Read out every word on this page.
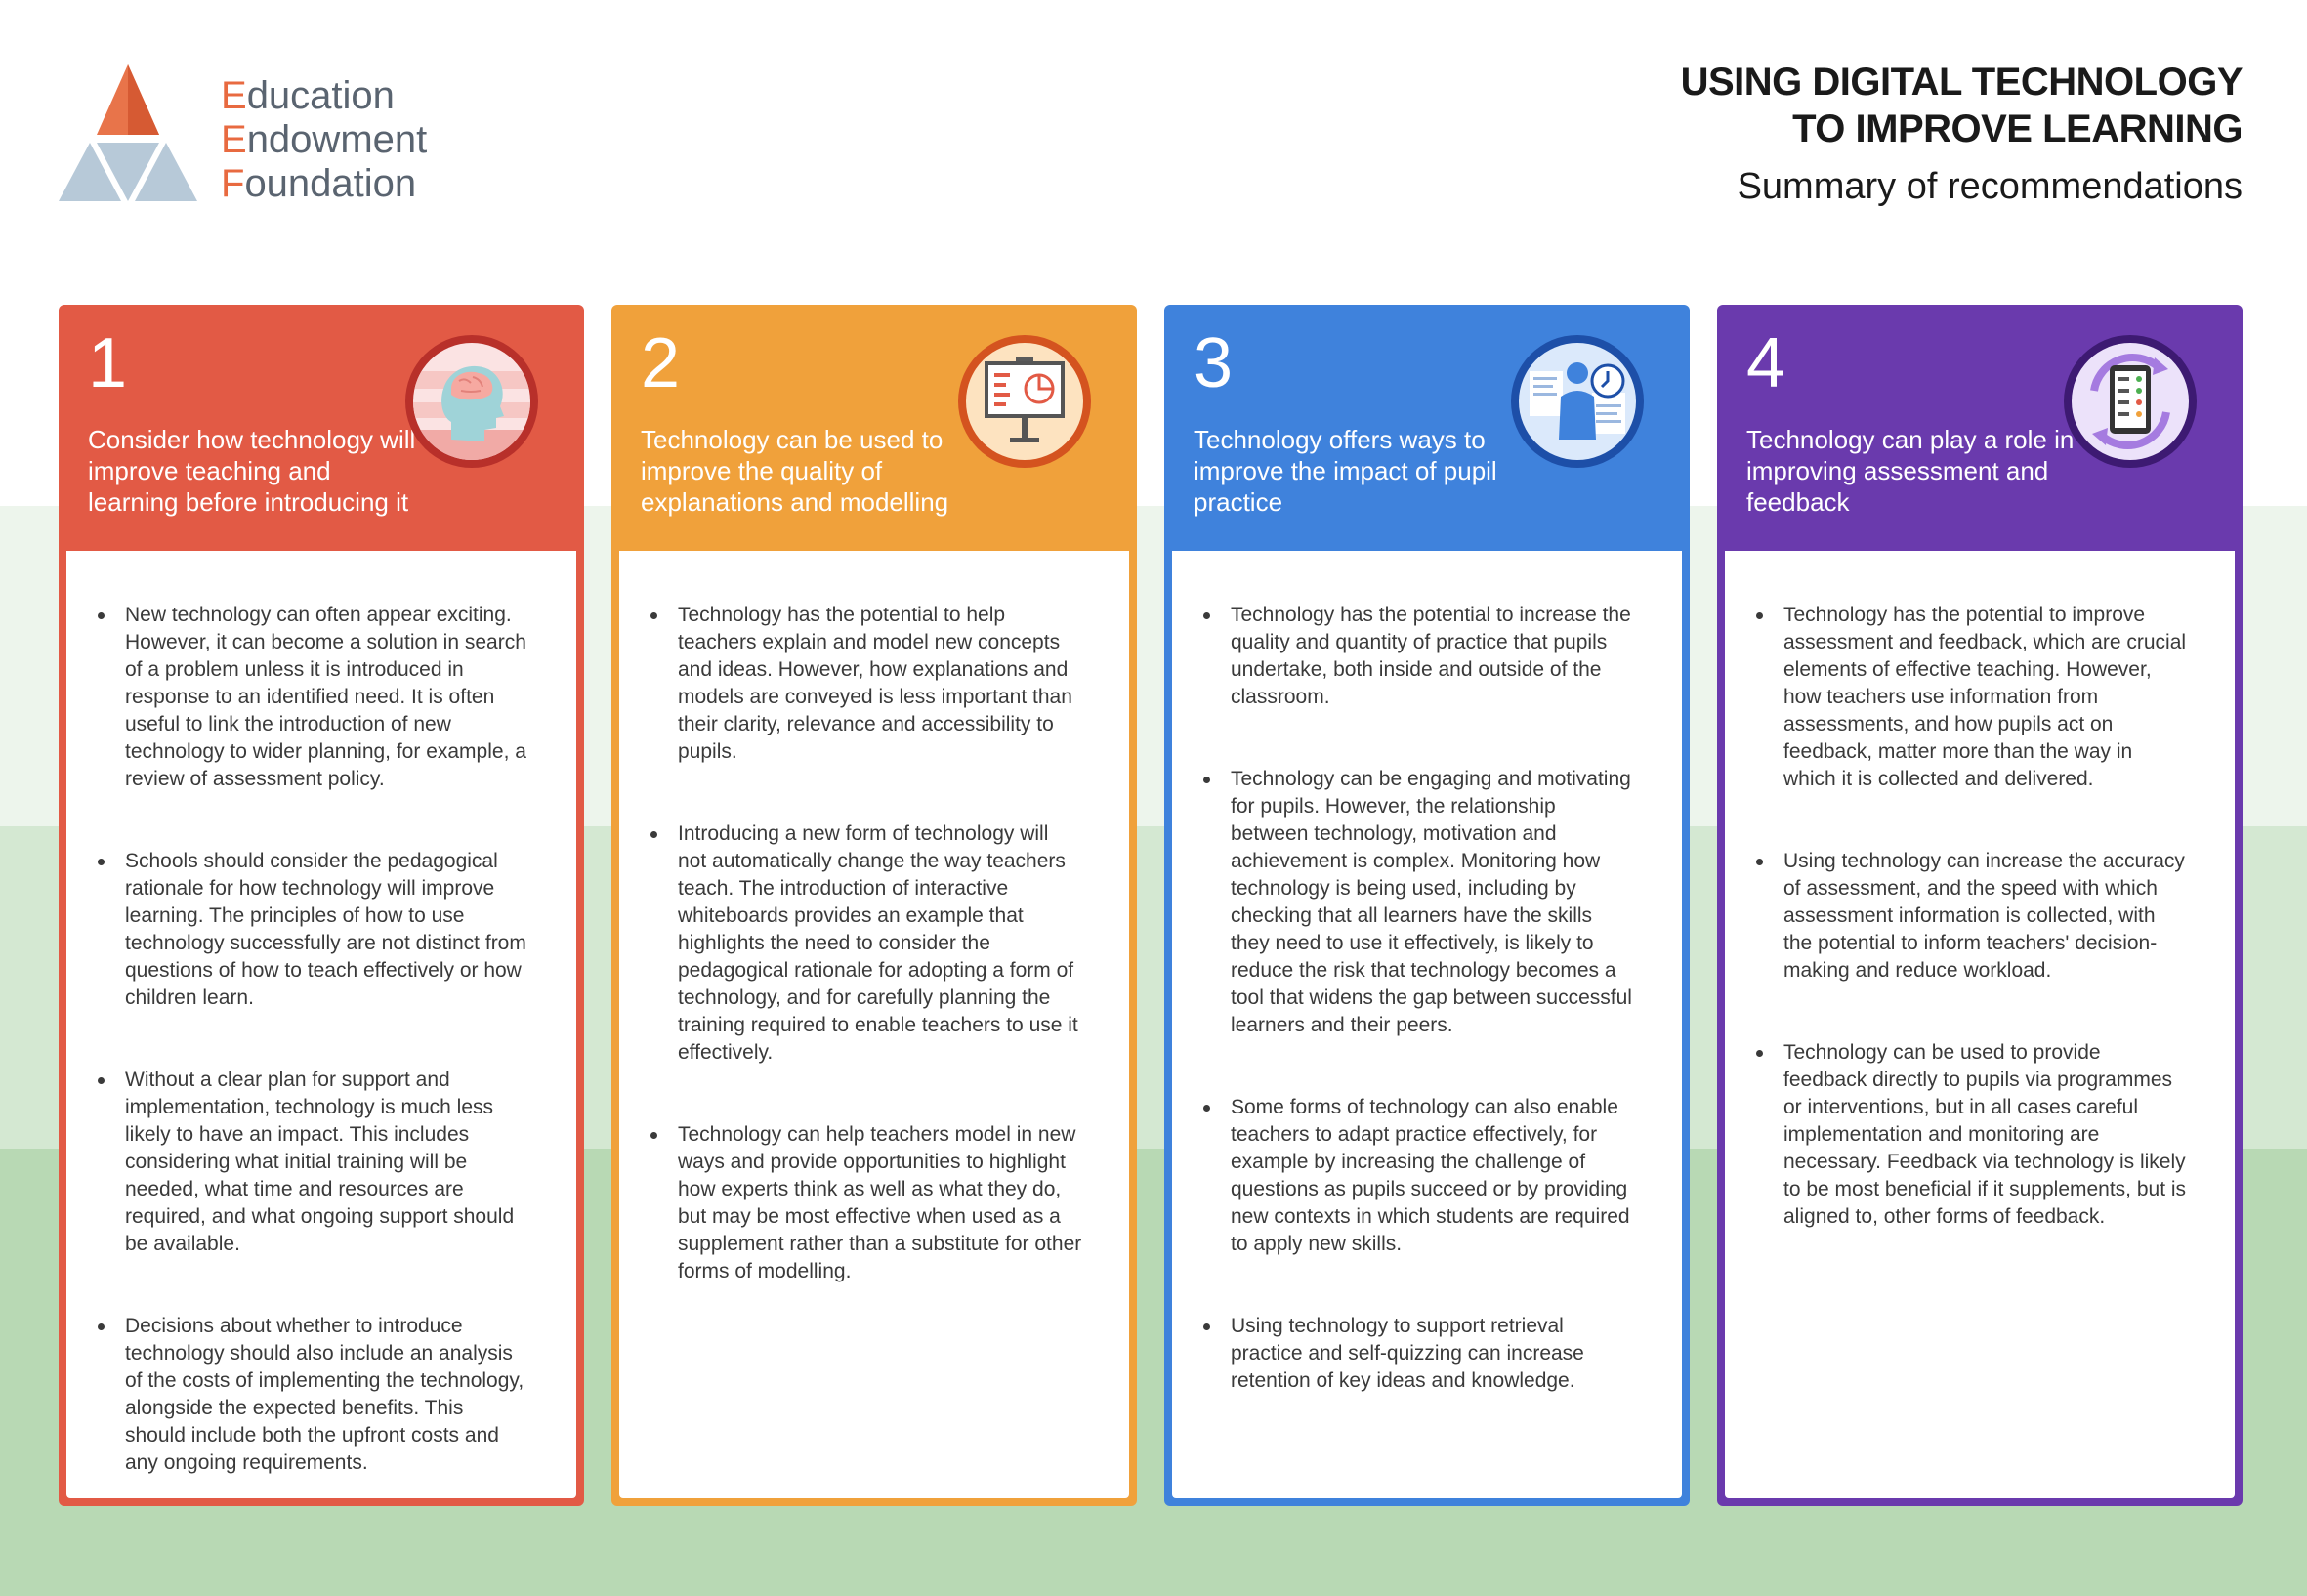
Education
Endowment
Foundation
USING DIGITAL TECHNOLOGY
TO IMPROVE LEARNING
Summary of recommendations
1
Consider how technology will improve teaching and learning before introducing it
New technology can often appear exciting. However, it can become a solution in search of a problem unless it is introduced in response to an identified need. It is often useful to link the introduction of new technology to wider planning, for example, a review of assessment policy.
Schools should consider the pedagogical rationale for how technology will improve learning. The principles of how to use technology successfully are not distinct from questions of how to teach effectively or how children learn.
Without a clear plan for support and implementation, technology is much less likely to have an impact. This includes considering what initial training will be needed, what time and resources are required, and what ongoing support should be available.
Decisions about whether to introduce technology should also include an analysis of the costs of implementing the technology, alongside the expected benefits. This should include both the upfront costs and any ongoing requirements.
2
Technology can be used to improve the quality of explanations and modelling
Technology has the potential to help teachers explain and model new concepts and ideas. However, how explanations and models are conveyed is less important than their clarity, relevance and accessibility to pupils.
Introducing a new form of technology will not automatically change the way teachers teach. The introduction of interactive whiteboards provides an example that highlights the need to consider the pedagogical rationale for adopting a form of technology, and for carefully planning the training required to enable teachers to use it effectively.
Technology can help teachers model in new ways and provide opportunities to highlight how experts think as well as what they do, but may be most effective when used as a supplement rather than a substitute for other forms of modelling.
3
Technology offers ways to improve the impact of pupil practice
Technology has the potential to increase the quality and quantity of practice that pupils undertake, both inside and outside of the classroom.
Technology can be engaging and motivating for pupils. However, the relationship between technology, motivation and achievement is complex. Monitoring how technology is being used, including by checking that all learners have the skills they need to use it effectively, is likely to reduce the risk that technology becomes a tool that widens the gap between successful learners and their peers.
Some forms of technology can also enable teachers to adapt practice effectively, for example by increasing the challenge of questions as pupils succeed or by providing new contexts in which students are required to apply new skills.
Using technology to support retrieval practice and self-quizzing can increase retention of key ideas and knowledge.
4
Technology can play a role in improving assessment and feedback
Technology has the potential to improve assessment and feedback, which are crucial elements of effective teaching. However, how teachers use information from assessments, and how pupils act on feedback, matter more than the way in which it is collected and delivered.
Using technology can increase the accuracy of assessment, and the speed with which assessment information is collected, with the potential to inform teachers' decision-making and reduce workload.
Technology can be used to provide feedback directly to pupils via programmes or interventions, but in all cases careful implementation and monitoring are necessary. Feedback via technology is likely to be most beneficial if it supplements, but is aligned to, other forms of feedback.
